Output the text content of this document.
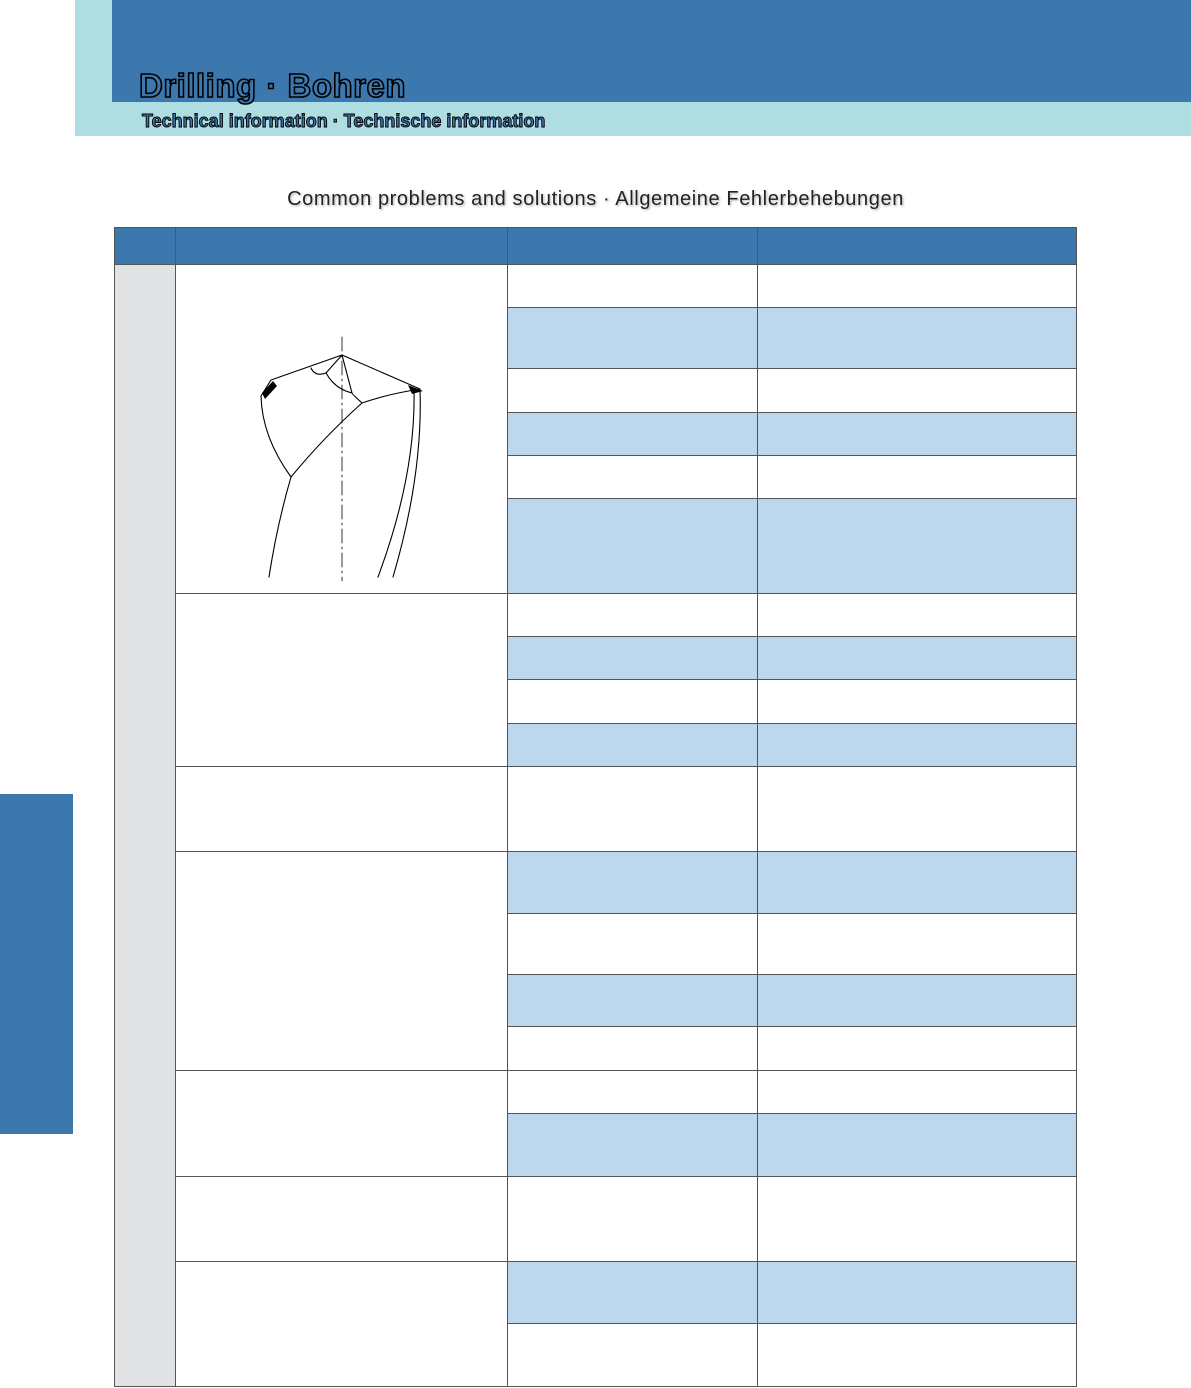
Drilling · Bohren
Technical information · Technische information
Common problems and solutions · Allgemeine Fehlerbehebungen
